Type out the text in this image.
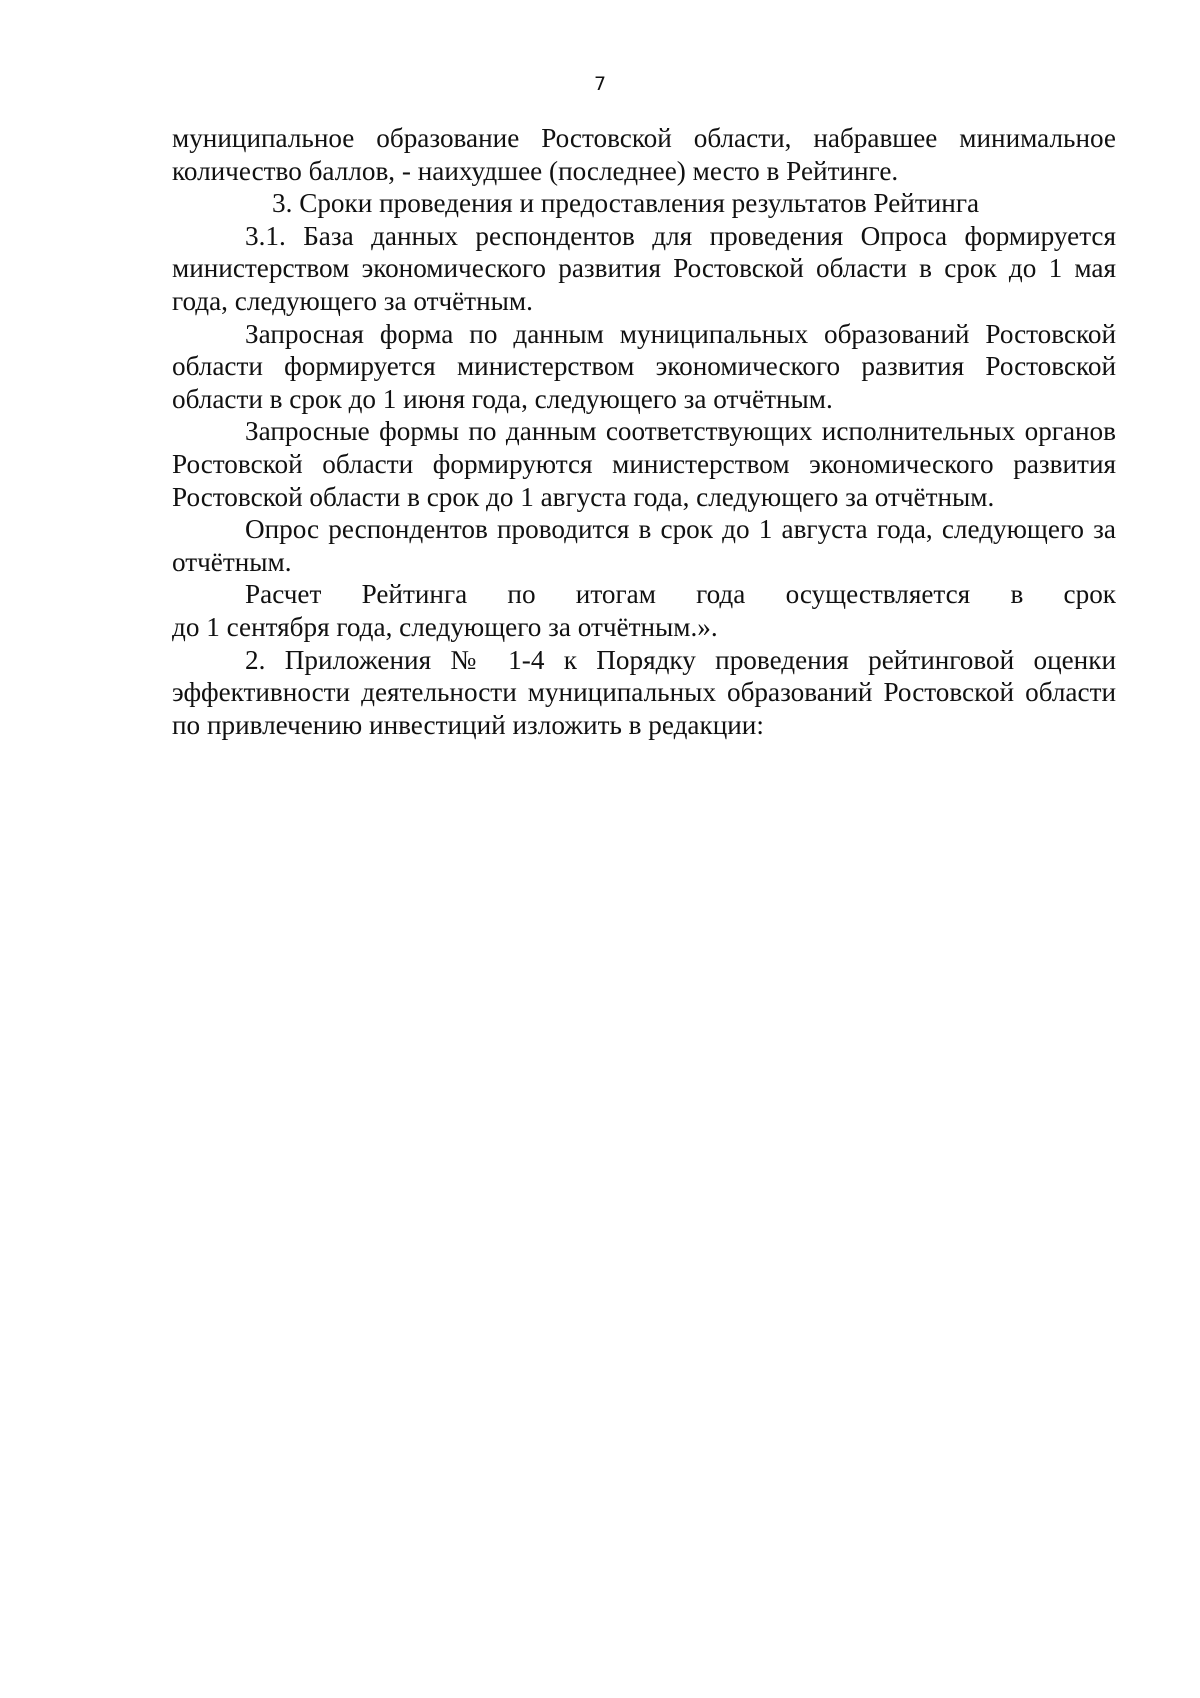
7

муниципальное образование Ростовской области, набравшее минимальное количество баллов, - наихудшее (последнее) место в Рейтинге.

3. Сроки проведения и предоставления результатов Рейтинга

3.1. База данных респондентов для проведения Опроса формируется министерством экономического развития Ростовской области в срок до 1 мая года, следующего за отчётным.

Запросная форма по данным муниципальных образований Ростовской области формируется министерством экономического развития Ростовской области в срок до 1 июня года, следующего за отчётным.

Запросные формы по данным соответствующих исполнительных органов Ростовской области формируются министерством экономического развития Ростовской области в срок до 1 августа года, следующего за отчётным.

Опрос респондентов проводится в срок до 1 августа года, следующего за отчётным.

Расчет Рейтинга по итогам года осуществляется в срок

до 1 сентября года, следующего за отчётным.».

2. Приложения № 1-4 к Порядку проведения рейтинговой оценки эффективности деятельности муниципальных образований Ростовской области по привлечению инвестиций изложить в редакции:
